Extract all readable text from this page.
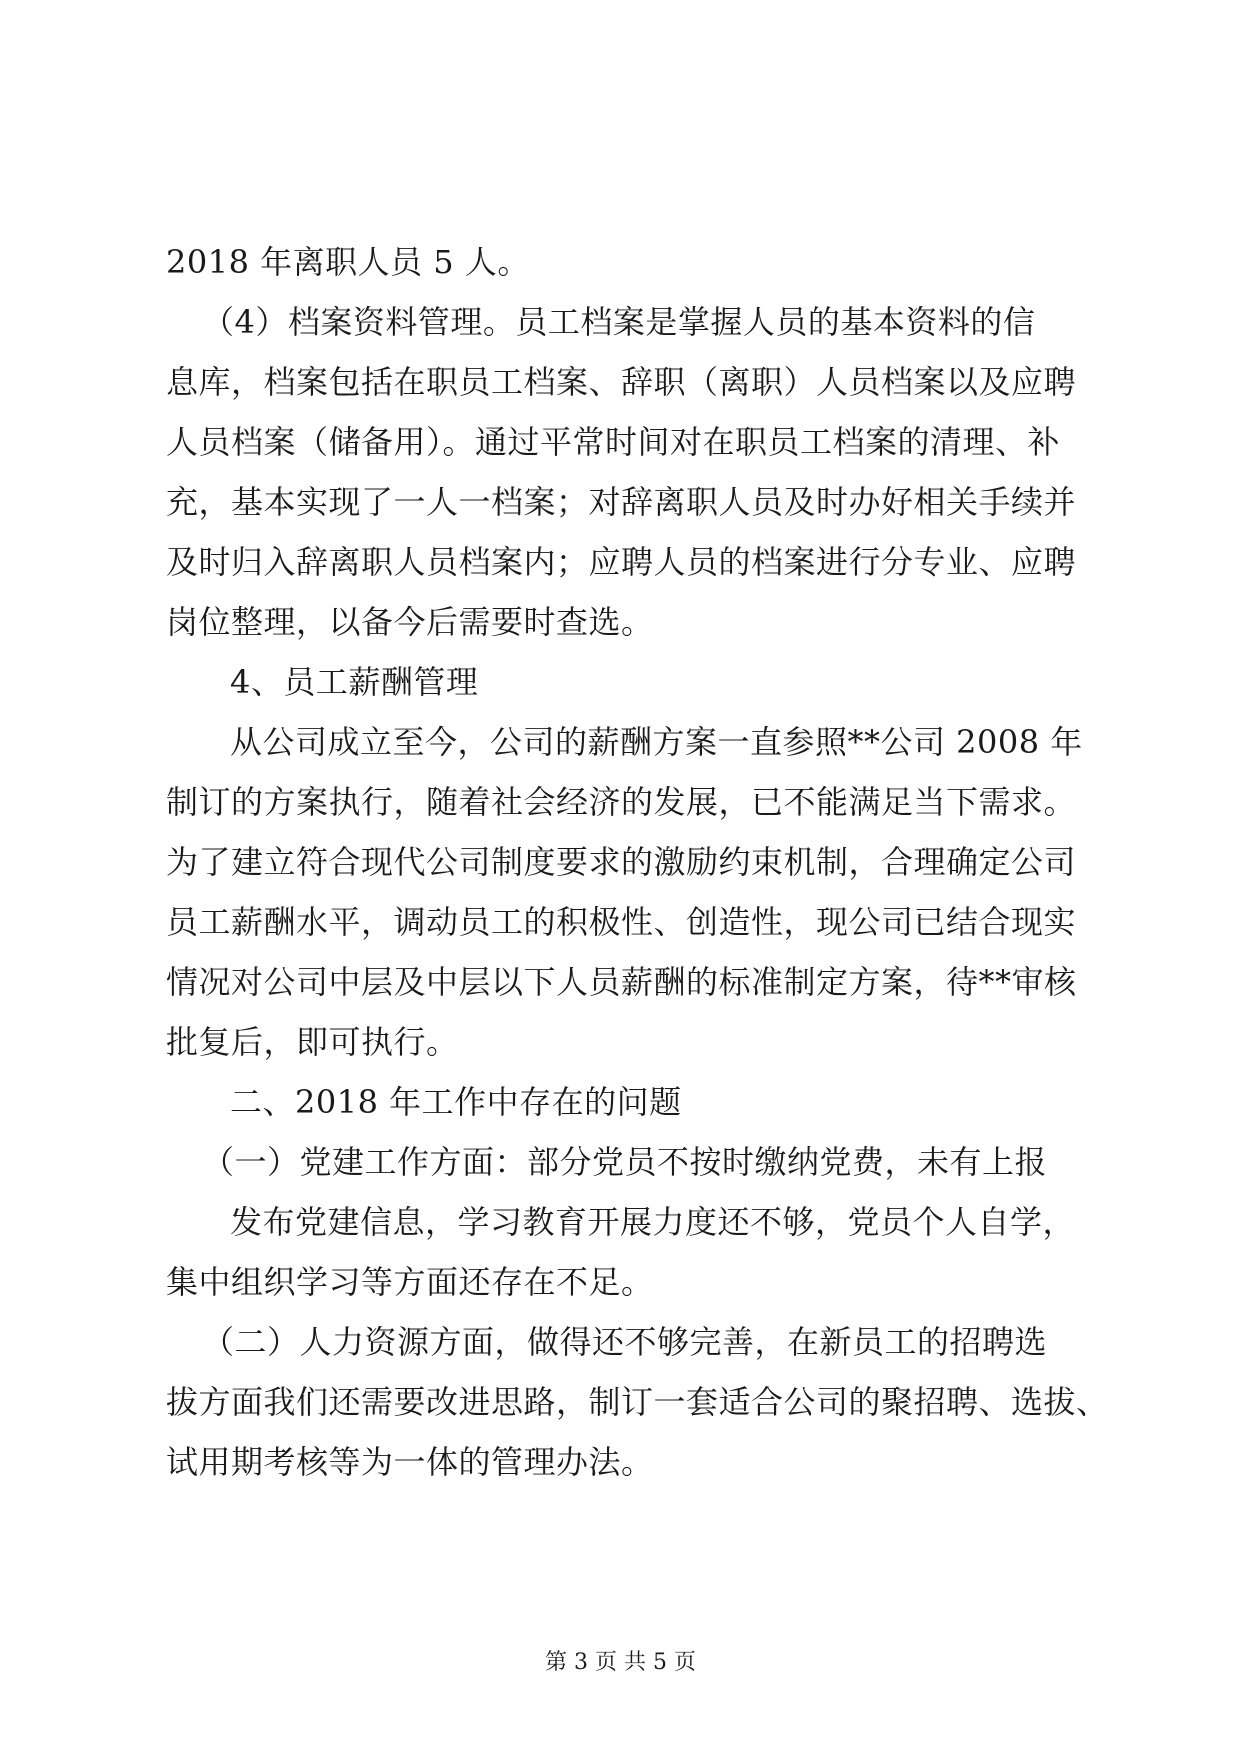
2018 年离职人员 5 人。
（4）档案资料管理。员工档案是掌握人员的基本资料的信
息库，档案包括在职员工档案、辞职（离职）人员档案以及应聘
人员档案（储备用）。通过平常时间对在职员工档案的清理、补
充，基本实现了一人一档案；对辞离职人员及时办好相关手续并
及时归入辞离职人员档案内；应聘人员的档案进行分专业、应聘
岗位整理，以备今后需要时查选。
4、员工薪酬管理
从公司成立至今，公司的薪酬方案一直参照**公司 2008 年
制订的方案执行，随着社会经济的发展，已不能满足当下需求。
为了建立符合现代公司制度要求的激励约束机制，合理确定公司
员工薪酬水平，调动员工的积极性、创造性，现公司已结合现实
情况对公司中层及中层以下人员薪酬的标准制定方案，待**审核
批复后，即可执行。
二、2018 年工作中存在的问题
（一）党建工作方面：部分党员不按时缴纳党费，未有上报
发布党建信息，学习教育开展力度还不够，党员个人自学，
集中组织学习等方面还存在不足。
（二）人力资源方面，做得还不够完善，在新员工的招聘选
拔方面我们还需要改进思路，制订一套适合公司的聚招聘、选拔、
试用期考核等为一体的管理办法。
第 3 页 共 5 页
